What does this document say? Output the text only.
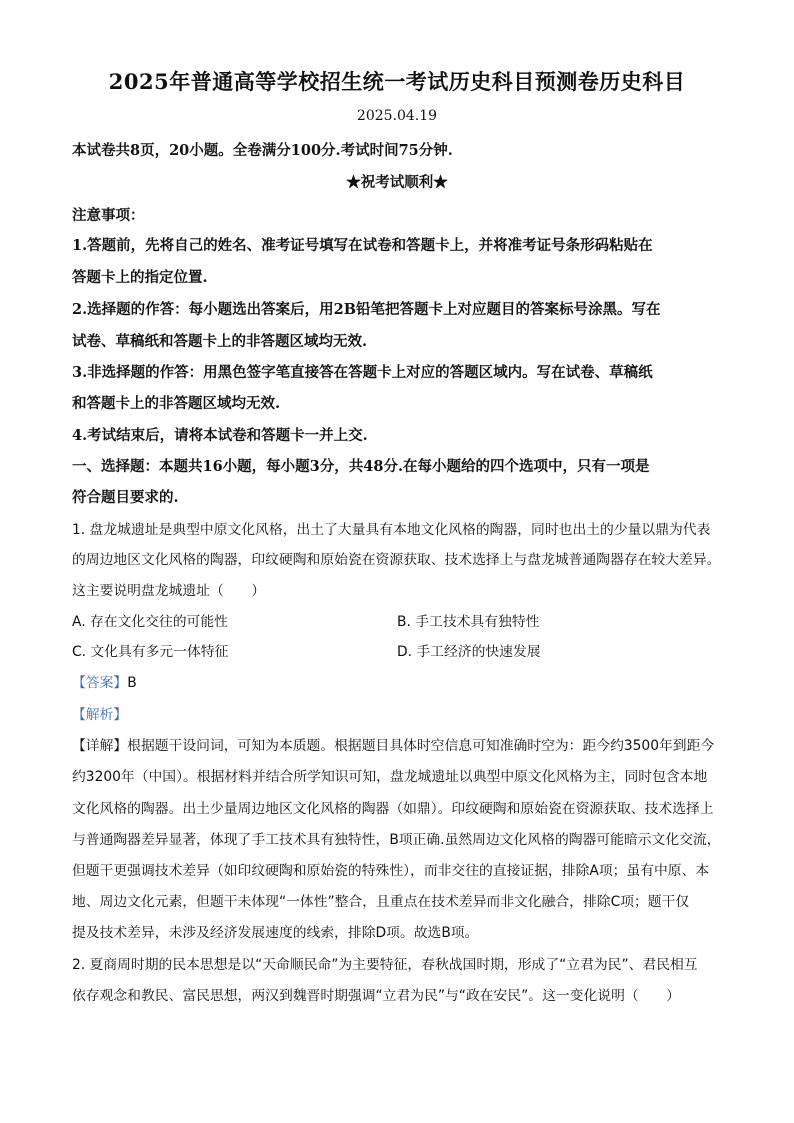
2025年普通高等学校招生统一考试历史科目预测卷历史科目
2025.04.19
本试卷共8页，20小题。全卷满分100分.考试时间75分钟.
★祝考试顺利★
注意事项：
1.答题前，先将自己的姓名、准考证号填写在试卷和答题卡上，并将准考证号条形码粘贴在
答题卡上的指定位置.
2.选择题的作答：每小题选出答案后，用2B铅笔把答题卡上对应题目的答案标号涂黑。写在
试卷、草稿纸和答题卡上的非答题区域均无效.
3.非选择题的作答：用黑色签字笔直接答在答题卡上对应的答题区域内。写在试卷、草稿纸
和答题卡上的非答题区域均无效.
4.考试结束后，请将本试卷和答题卡一并上交.
一、选择题：本题共16小题，每小题3分，共48分.在每小题给的四个选项中，只有一项是
符合题目要求的.
1. 盘龙城遗址是典型中原文化风格，出土了大量具有本地文化风格的陶器，同时也出土的少量以鼎为代表
的周边地区文化风格的陶器，印纹硬陶和原始瓷在资源获取、技术选择上与盘龙城普通陶器存在较大差异。
这主要说明盘龙城遗址（　　）
A. 存在文化交往的可能性	B. 手工技术具有独特性
C. 文化具有多元一体特征	D. 手工经济的快速发展
【答案】B
【解析】
【详解】根据题干设问词，可知为本质题。根据题目具体时空信息可知准确时空为：距今约3500年到距今
约3200年（中国）。根据材料并结合所学知识可知，盘龙城遗址以典型中原文化风格为主，同时包含本地
文化风格的陶器。出土少量周边地区文化风格的陶器（如鼎）。印纹硬陶和原始瓷在资源获取、技术选择上
与普通陶器差异显著，体现了手工技术具有独特性，B项正确.虽然周边文化风格的陶器可能暗示文化交流，
但题干更强调技术差异（如印纹硬陶和原始瓷的特殊性），而非交往的直接证据，排除A项；虽有中原、本
地、周边文化元素，但题干未体现“一体性”整合，且重点在技术差异而非文化融合，排除C项；题干仅
提及技术差异，未涉及经济发展速度的线索，排除D项。故选B项。
2. 夏商周时期的民本思想是以“天命顺民命”为主要特征，春秋战国时期，形成了“立君为民”、君民相互
依存观念和教民、富民思想，两汉到魏晋时期强调“立君为民”与“政在安民”。这一变化说明（　　）
